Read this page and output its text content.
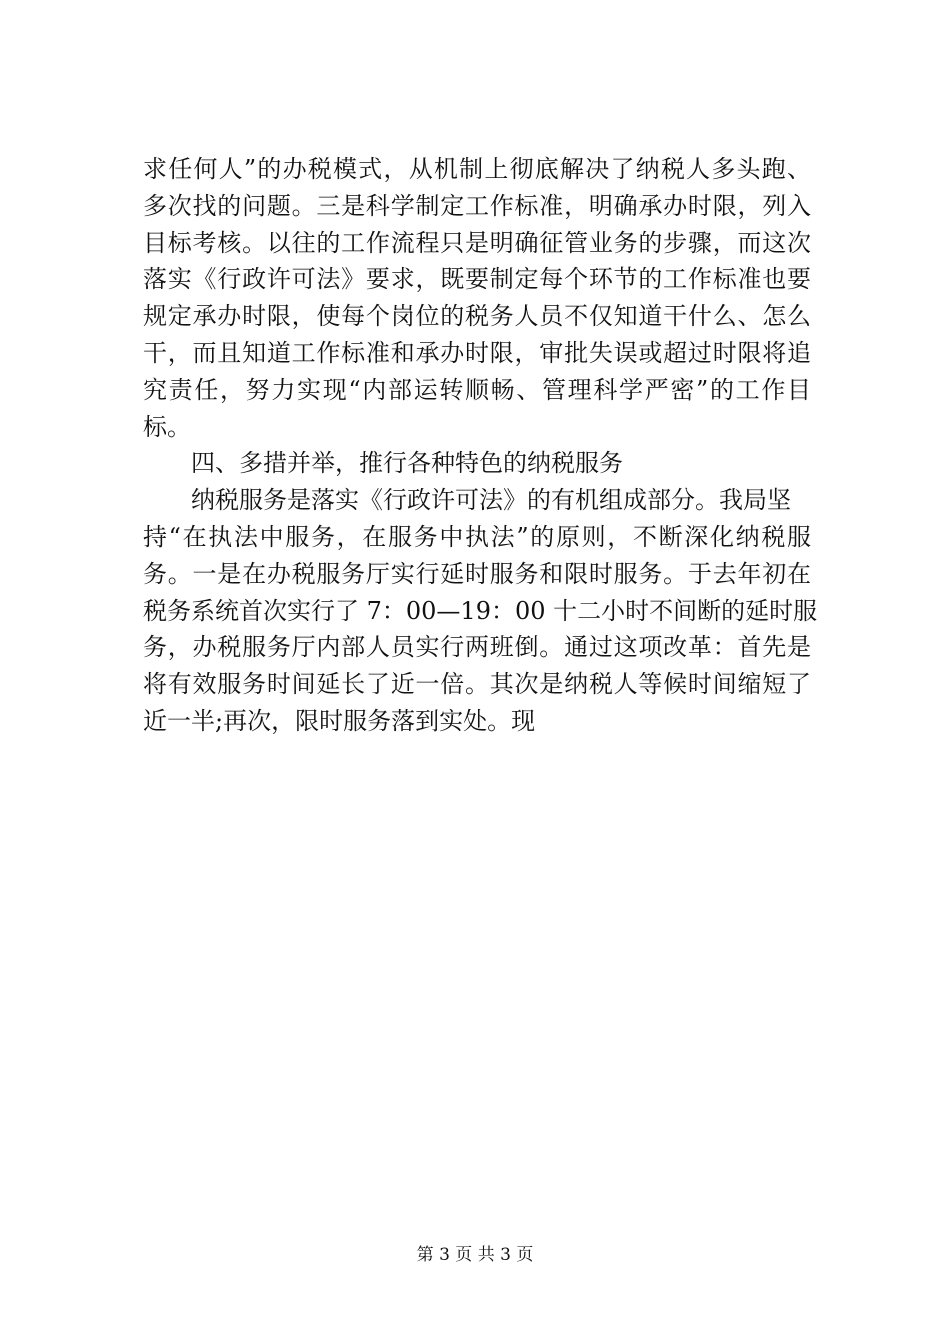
求任何人”的办税模式，从机制上彻底解决了纳税人多头跑、
多次找的问题。三是科学制定工作标准，明确承办时限，列入
目标考核。以往的工作流程只是明确征管业务的步骤，而这次
落实《行政许可法》要求，既要制定每个环节的工作标准也要
规定承办时限，使每个岗位的税务人员不仅知道干什么、怎么
干，而且知道工作标准和承办时限，审批失误或超过时限将追
究责任，努力实现“内部运转顺畅、管理科学严密”的工作目
标。
四、多措并举，推行各种特色的纳税服务
纳税服务是落实《行政许可法》的有机组成部分。我局坚
持“在执法中服务，在服务中执法”的原则，不断深化纳税服
务。一是在办税服务厅实行延时服务和限时服务。于去年初在
税务系统首次实行了 7：00—19：00 十二小时不间断的延时服
务，办税服务厅内部人员实行两班倒。通过这项改革：首先是
将有效服务时间延长了近一倍。其次是纳税人等候时间缩短了
近一半;再次，限时服务落到实处。现
第 3 页 共 3 页
